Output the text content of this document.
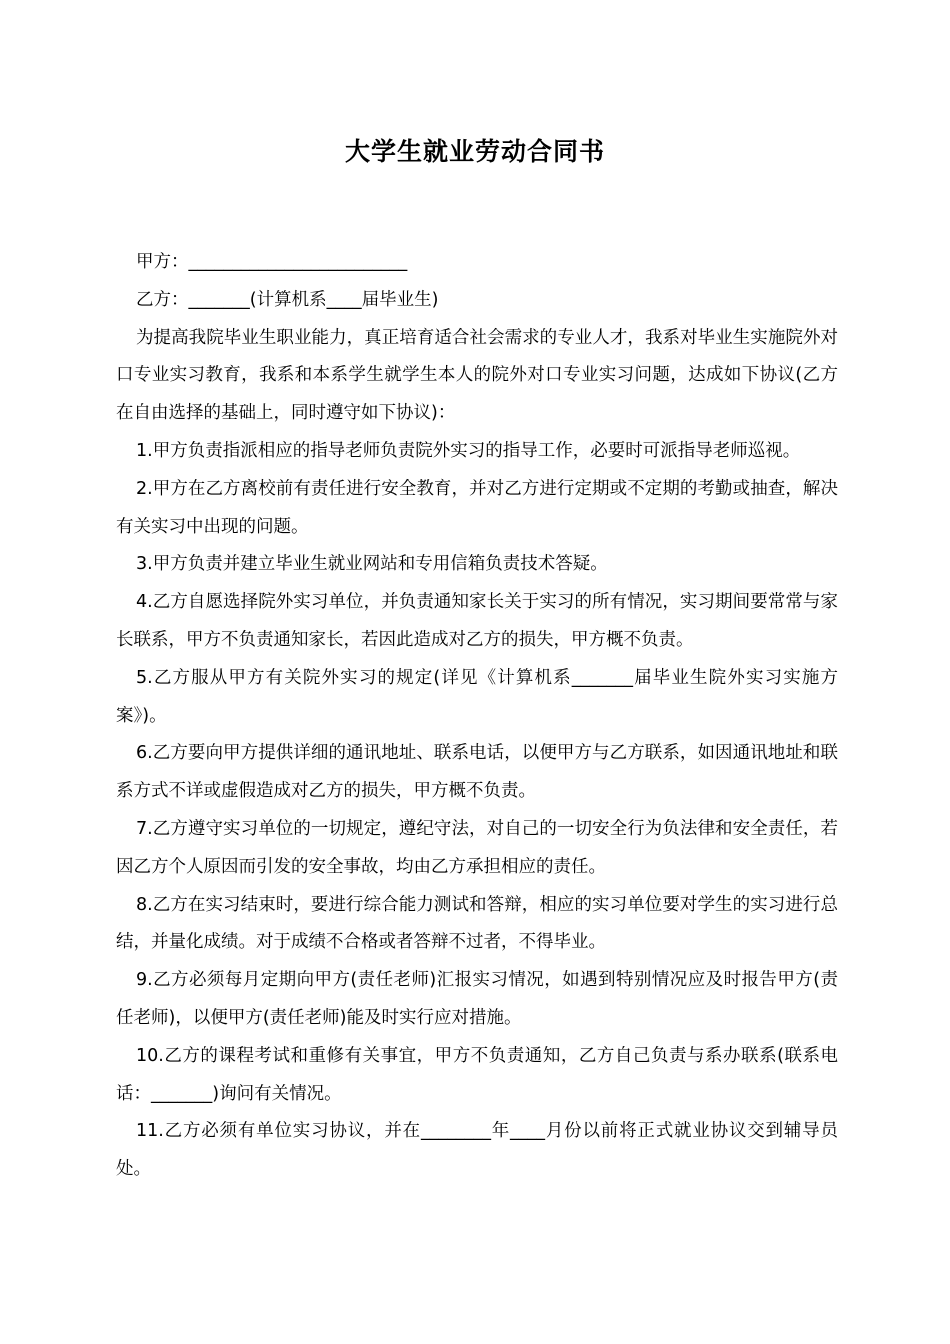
大学生就业劳动合同书

甲方：_________________________

乙方：_______(计算机系____届毕业生)

为提高我院毕业生职业能力，真正培育适合社会需求的专业人才，我系对毕业生实施院外对口专业实习教育，我系和本系学生就学生本人的院外对口专业实习问题，达成如下协议(乙方在自由选择的基础上，同时遵守如下协议)：

1.甲方负责指派相应的指导老师负责院外实习的指导工作，必要时可派指导老师巡视。

2.甲方在乙方离校前有责任进行安全教育，并对乙方进行定期或不定期的考勤或抽查，解决有关实习中出现的问题。

3.甲方负责并建立毕业生就业网站和专用信箱负责技术答疑。

4.乙方自愿选择院外实习单位，并负责通知家长关于实习的所有情况，实习期间要常常与家长联系，甲方不负责通知家长，若因此造成对乙方的损失，甲方概不负责。

5.乙方服从甲方有关院外实习的规定(详见《计算机系_______届毕业生院外实习实施方案》)。

6.乙方要向甲方提供详细的通讯地址、联系电话，以便甲方与乙方联系，如因通讯地址和联系方式不详或虚假造成对乙方的损失，甲方概不负责。

7.乙方遵守实习单位的一切规定，遵纪守法，对自己的一切安全行为负法律和安全责任，若因乙方个人原因而引发的安全事故，均由乙方承担相应的责任。

8.乙方在实习结束时，要进行综合能力测试和答辩，相应的实习单位要对学生的实习进行总结，并量化成绩。对于成绩不合格或者答辩不过者，不得毕业。

9.乙方必须每月定期向甲方(责任老师)汇报实习情况，如遇到特别情况应及时报告甲方(责任老师)，以便甲方(责任老师)能及时实行应对措施。

10.乙方的课程考试和重修有关事宜，甲方不负责通知，乙方自己负责与系办联系(联系电话：_______)询问有关情况。

11.乙方必须有单位实习协议，并在________年____月份以前将正式就业协议交到辅导员处。
